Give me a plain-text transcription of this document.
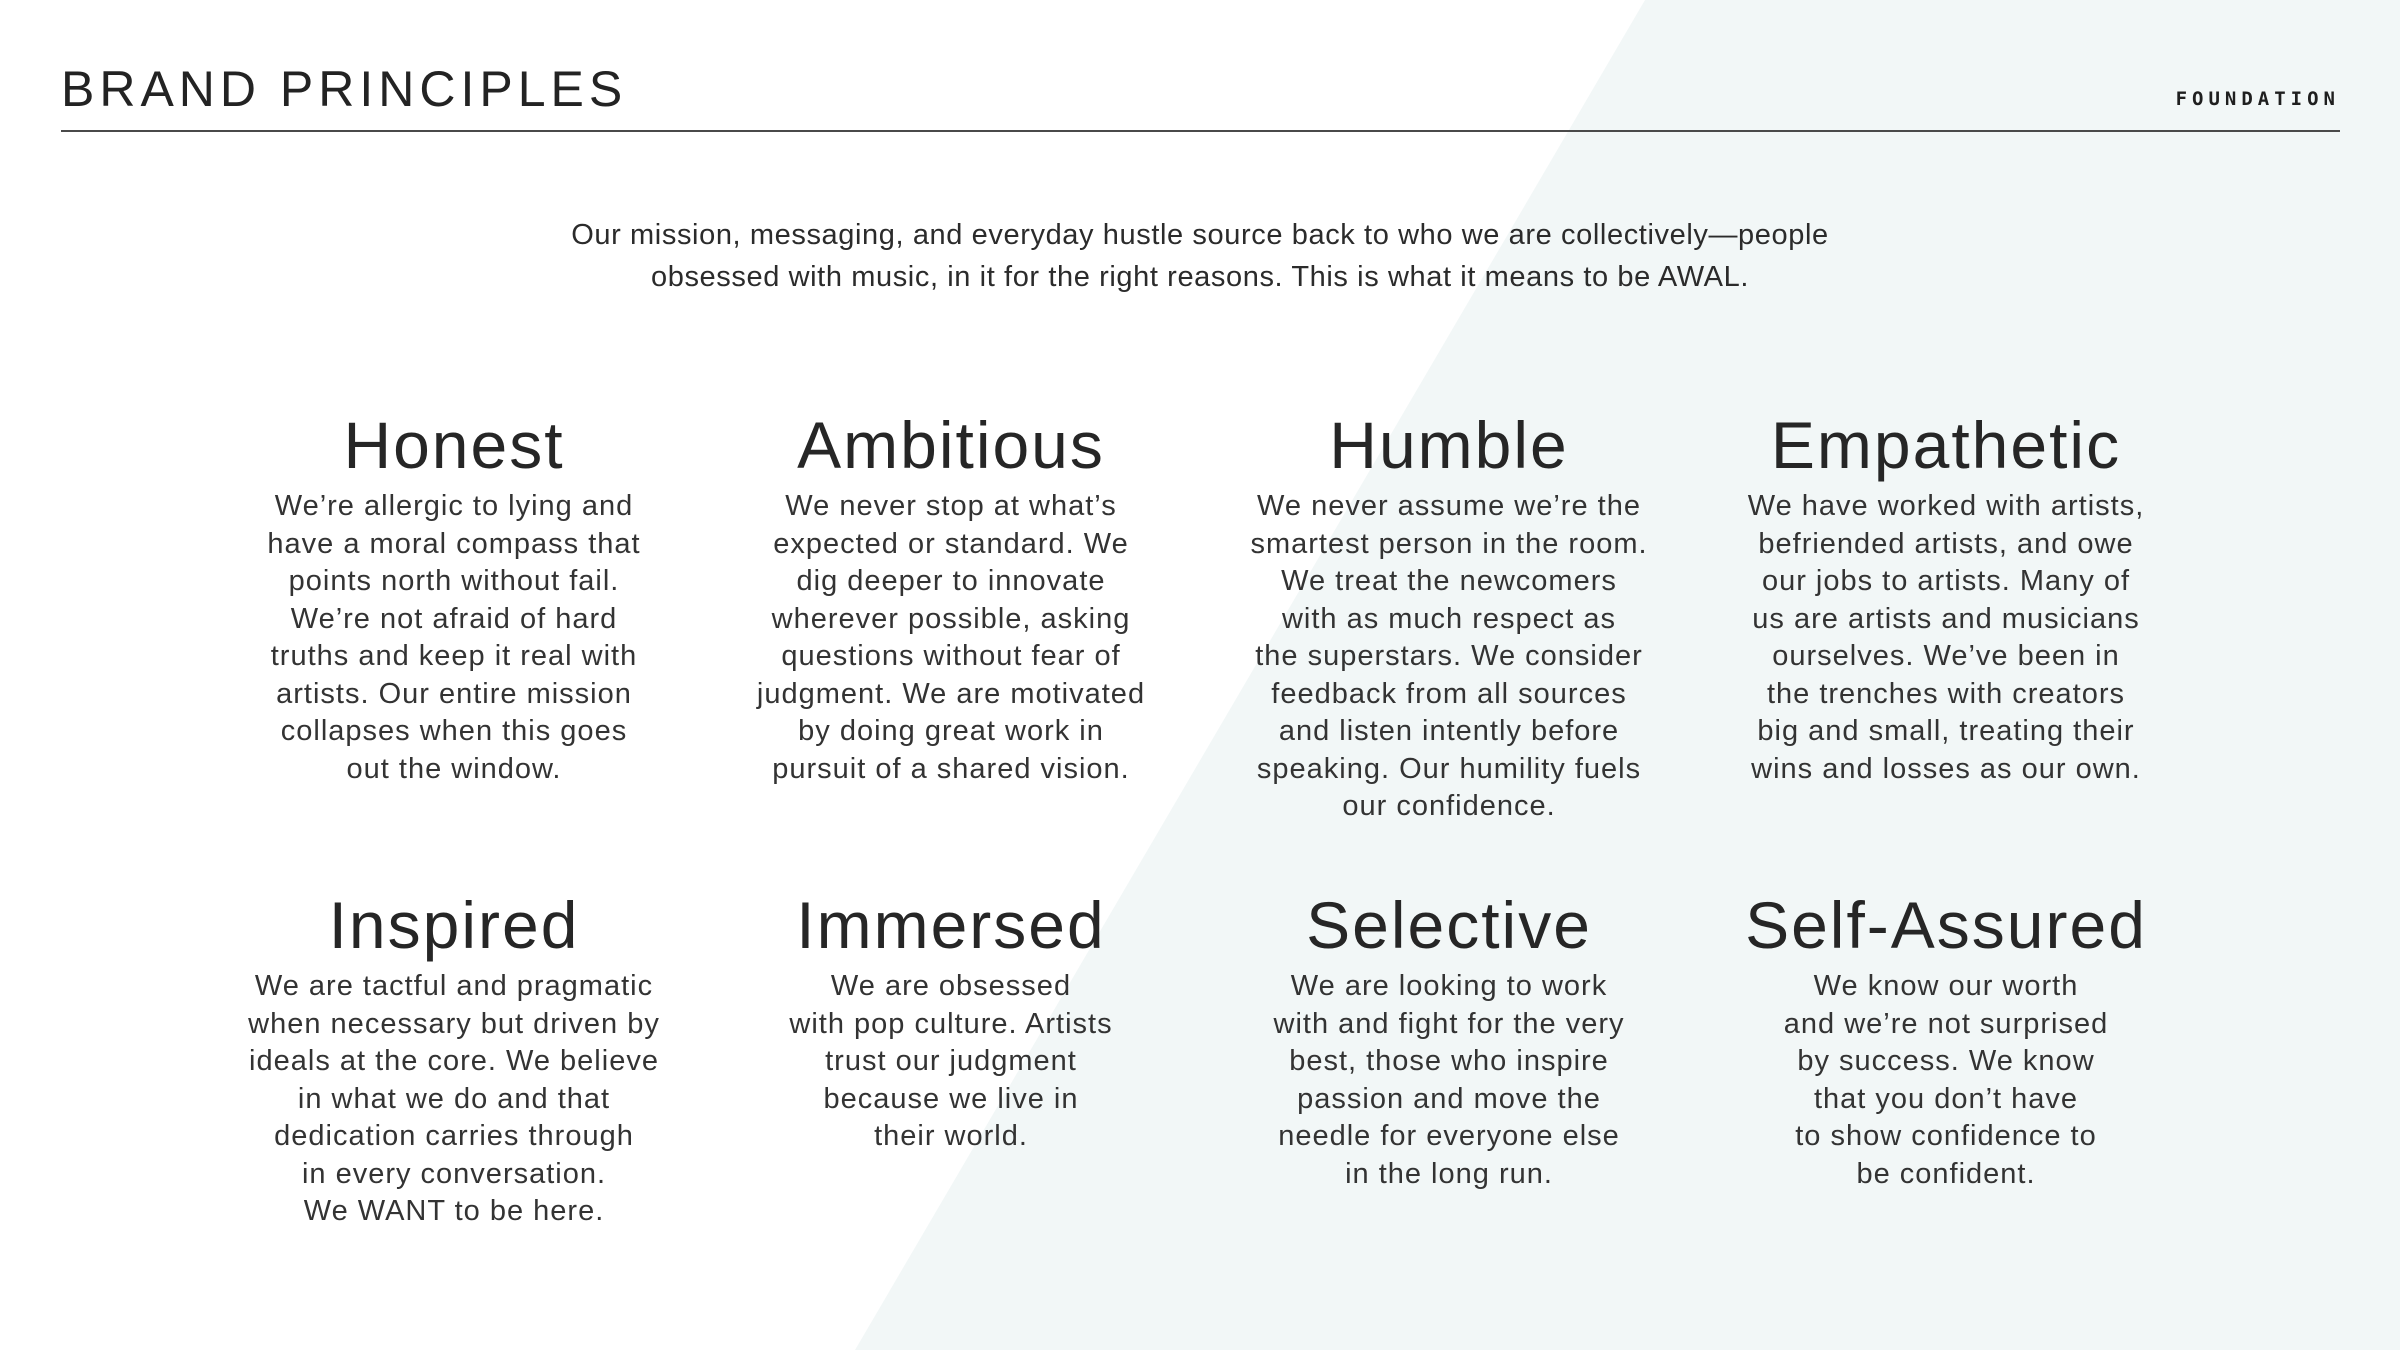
BRAND PRINCIPLES	FOUNDATION
Our mission, messaging, and everyday hustle source back to who we are collectively—people
obsessed with music, in it for the right reasons. This is what it means to be AWAL.
Honest
We’re allergic to lying and
have a moral compass that
points north without fail.
We’re not afraid of hard
truths and keep it real with
artists. Our entire mission
collapses when this goes
out the window.
Ambitious
We never stop at what’s
expected or standard. We
dig deeper to innovate
wherever possible, asking
questions without fear of
judgment. We are motivated
by doing great work in
pursuit of a shared vision.
Humble
We never assume we’re the
smartest person in the room.
We treat the newcomers
with as much respect as
the superstars. We consider
feedback from all sources
and listen intently before
speaking. Our humility fuels
our confidence.
Empathetic
We have worked with artists,
befriended artists, and owe
our jobs to artists. Many of
us are artists and musicians
ourselves. We’ve been in
the trenches with creators
big and small, treating their
wins and losses as our own.
Inspired
We are tactful and pragmatic
when necessary but driven by
ideals at the core. We believe
in what we do and that
dedication carries through
in every conversation.
We WANT to be here.
Immersed
We are obsessed
with pop culture. Artists
trust our judgment
because we live in
their world.
Selective
We are looking to work
with and fight for the very
best, those who inspire
passion and move the
needle for everyone else
in the long run.
Self-Assured
We know our worth
and we’re not surprised
by success. We know
that you don’t have
to show confidence to
be confident.
